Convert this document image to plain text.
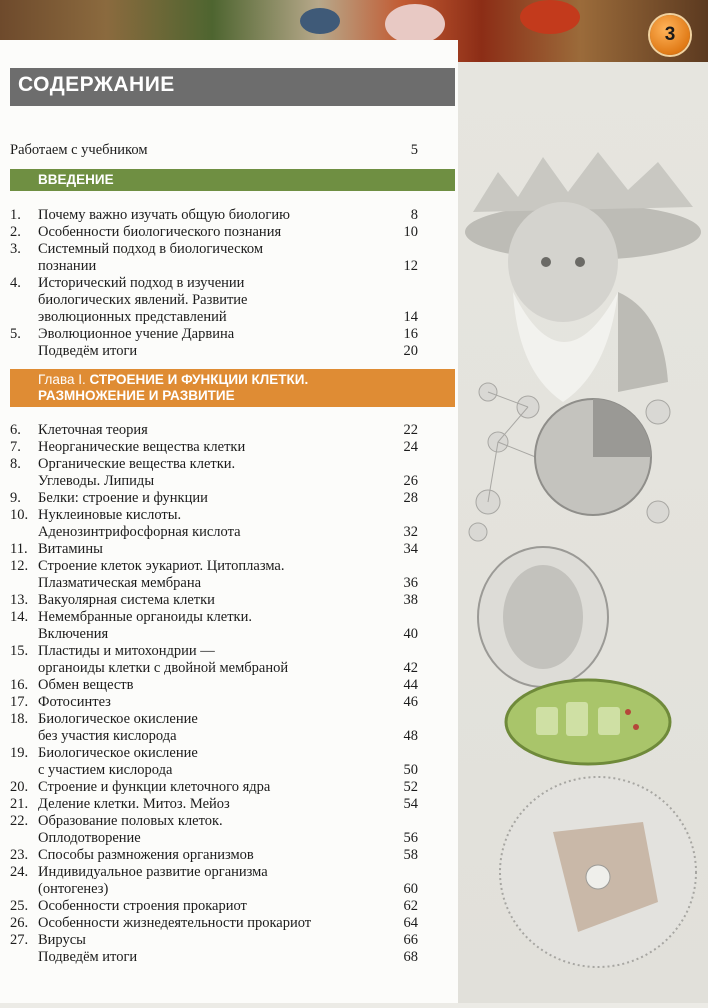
3
СОДЕРЖАНИЕ
Работаем с учебником	5
ВВЕДЕНИЕ
Глава I. СТРОЕНИЕ И ФУНКЦИИ КЛЕТКИ.
РАЗМНОЖЕНИЕ И РАЗВИТИЕ
1. Почему важно изучать общую биологию	8
2. Особенности биологического познания	10
3. Системный подход в биологическом
познании	12
4. Исторический подход в изучении
биологических явлений. Развитие
эволюционных представлений	14
5. Эволюционное учение Дарвина	16
Подведём итоги	20
6. Клеточная теория	22
7. Неорганические вещества клетки	24
8. Органические вещества клетки.
Углеводы. Липиды	26
9. Белки: строение и функции	28
10. Нуклеиновые кислоты.
Аденозинтрифосфорная кислота	32
11. Витамины	34
12. Строение клеток эукариот. Цитоплазма.
Плазматическая мембрана	36
13. Вакуолярная система клетки	38
14. Немембранные органоиды клетки.
Включения	40
15. Пластиды и митохондрии —
органоиды клетки с двойной мембраной	42
16. Обмен веществ	44
17. Фотосинтез	46
18. Биологическое окисление
без участия кислорода	48
19. Биологическое окисление
с участием кислорода	50
20. Строение и функции клеточного ядра	52
21. Деление клетки. Митоз. Мейоз	54
22. Образование половых клеток.
Оплодотворение	56
23. Способы размножения организмов	58
24. Индивидуальное развитие организма
(онтогенез)	60
25. Особенности строения прокариот	62
26. Особенности жизнедеятельности прокариот	64
27. Вирусы	66
Подведём итоги	68
